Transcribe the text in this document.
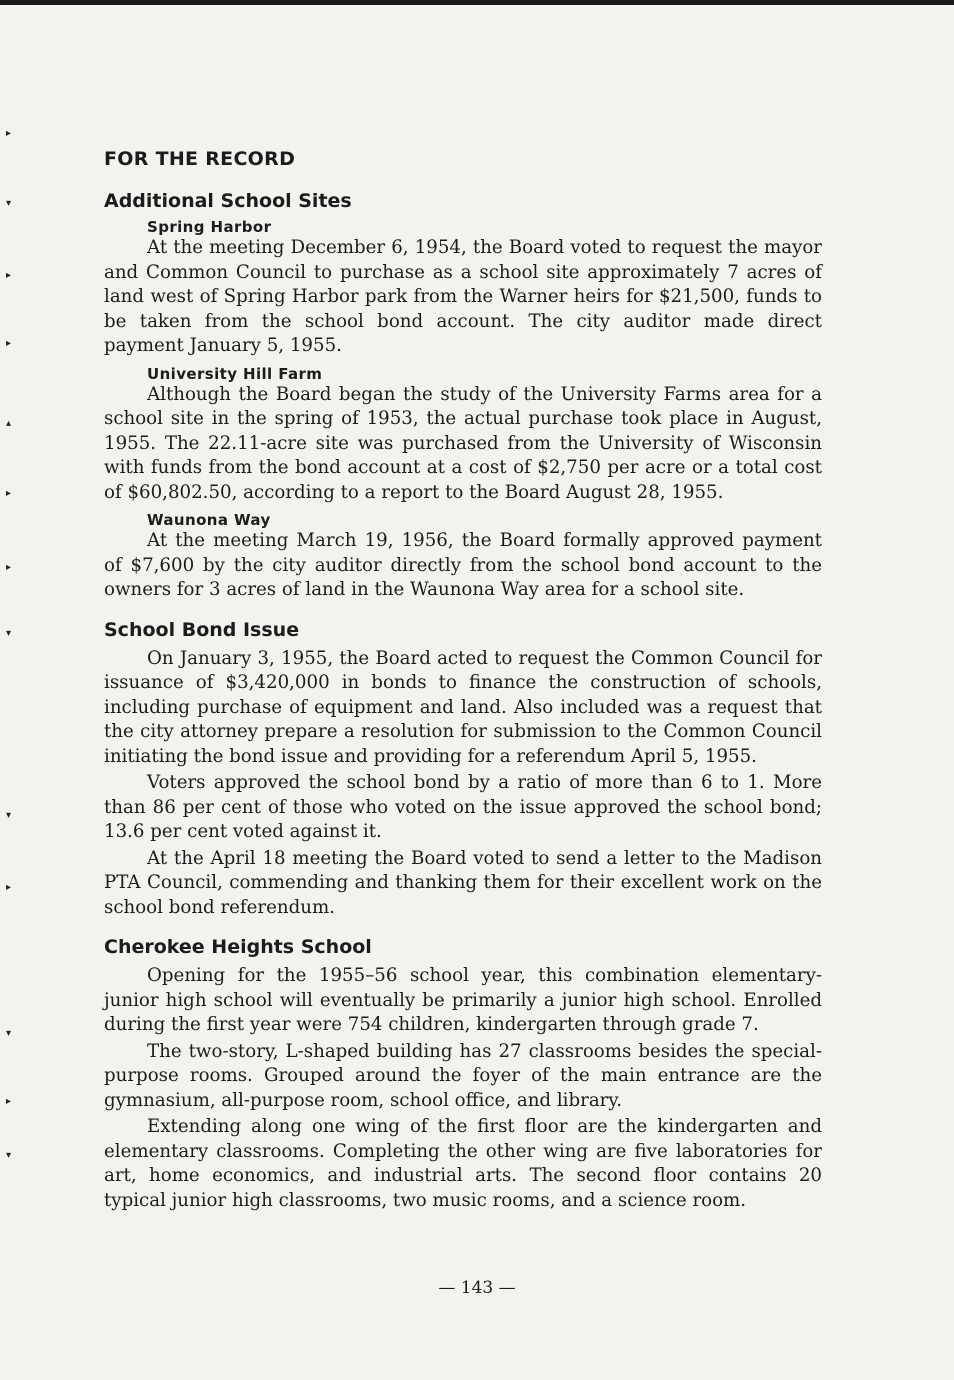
FOR THE RECORD
Additional School Sites
Spring Harbor

At the meeting December 6, 1954, the Board voted to request the mayor and Common Council to purchase as a school site approximately 7 acres of land west of Spring Harbor park from the Warner heirs for $21,500, funds to be taken from the school bond account. The city auditor made direct payment January 5, 1955.

University Hill Farm

Although the Board began the study of the University Farms area for a school site in the spring of 1953, the actual purchase took place in August, 1955. The 22.11-acre site was purchased from the University of Wisconsin with funds from the bond account at a cost of $2,750 per acre or a total cost of $60,802.50, according to a report to the Board August 28, 1955.

Waunona Way

At the meeting March 19, 1956, the Board formally approved payment of $7,600 by the city auditor directly from the school bond account to the owners for 3 acres of land in the Waunona Way area for a school site.

School Bond Issue

On January 3, 1955, the Board acted to request the Common Council for issuance of $3,420,000 in bonds to finance the construction of schools, including purchase of equipment and land. Also included was a request that the city attorney prepare a resolution for submission to the Common Council initiating the bond issue and providing for a referendum April 5, 1955.

Voters approved the school bond by a ratio of more than 6 to 1. More than 86 per cent of those who voted on the issue approved the school bond; 13.6 per cent voted against it.

At the April 18 meeting the Board voted to send a letter to the Madison PTA Council, commending and thanking them for their excellent work on the school bond referendum.

Cherokee Heights School

Opening for the 1955–56 school year, this combination elementary-junior high school will eventually be primarily a junior high school. Enrolled during the first year were 754 children, kindergarten through grade 7.

The two-story, L-shaped building has 27 classrooms besides the special-purpose rooms. Grouped around the foyer of the main entrance are the gymnasium, all-purpose room, school office, and library.

Extending along one wing of the first floor are the kindergarten and elementary classrooms. Completing the other wing are five laboratories for art, home economics, and industrial arts. The second floor contains 20 typical junior high classrooms, two music rooms, and a science room.

— 143 —
▸
▾
▸
▸
▴
▸
▸
▾
▾
▸
▾
▸
▾
